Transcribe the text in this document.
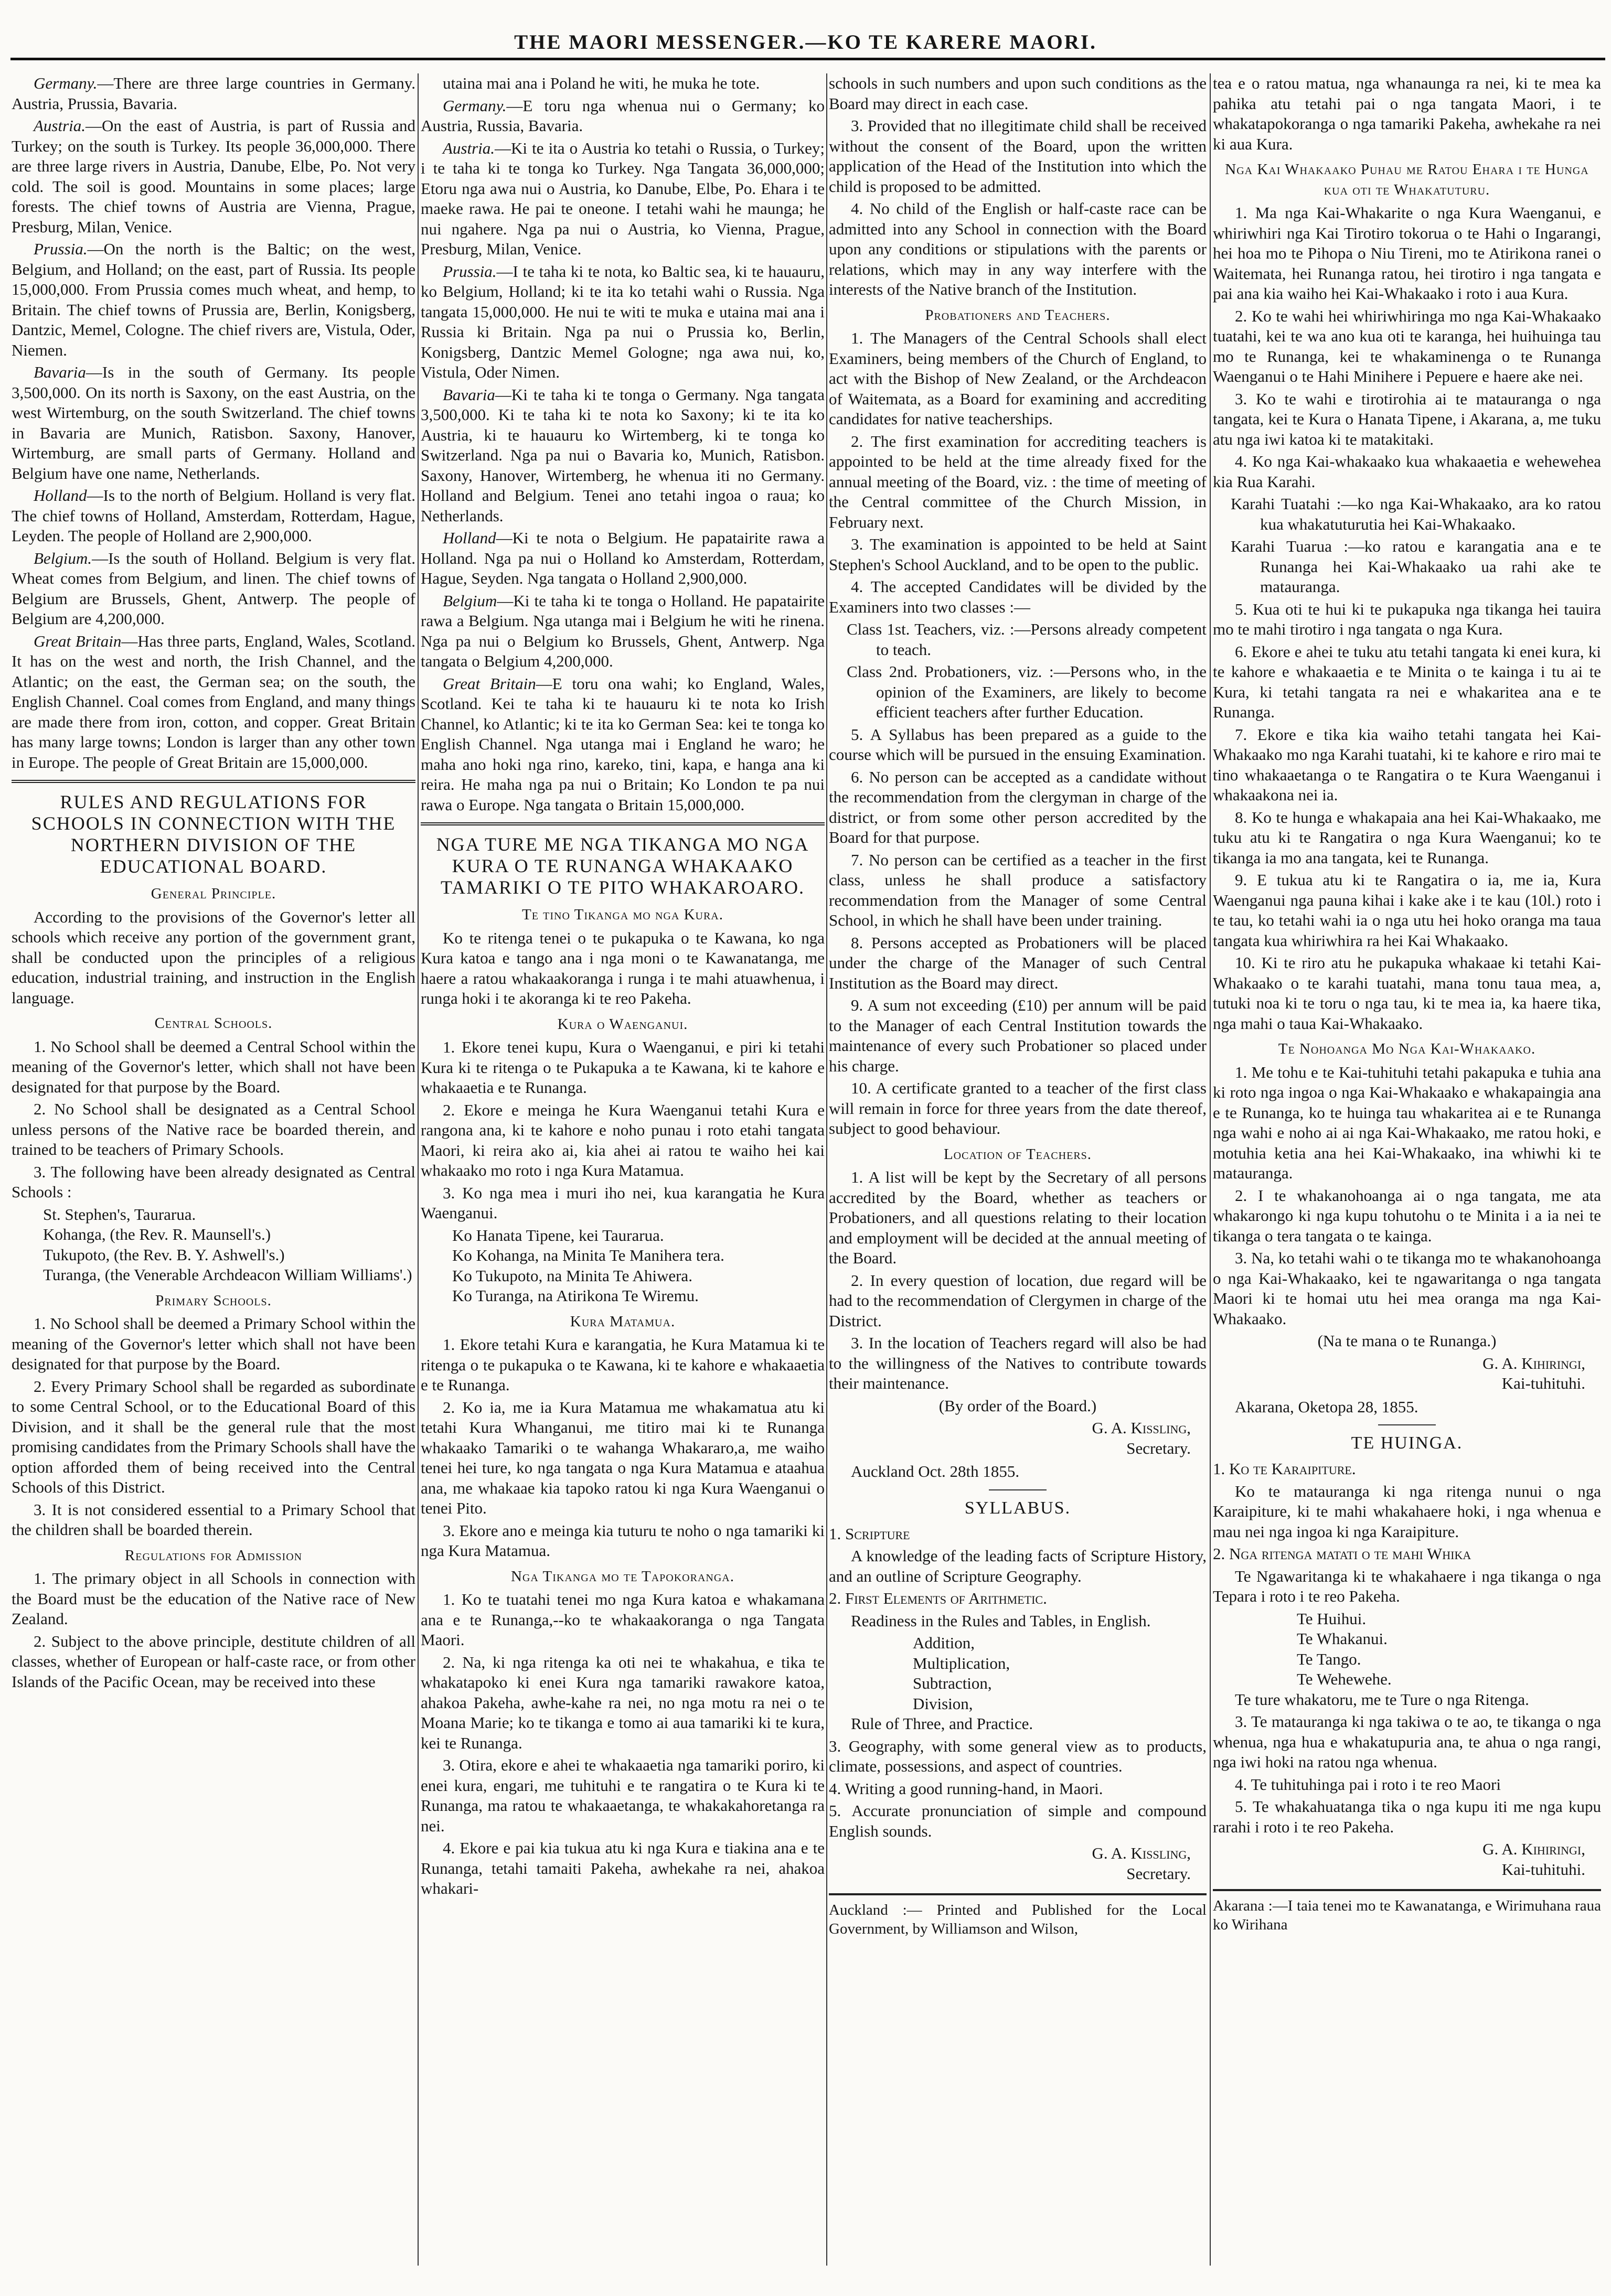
THE MAORI MESSENGER.—KO TE KARERE MAORI.

Germany.—There are three large countries in Germany. Austria, Prussia, Bavaria.

Austria.—On the east of Austria, is part of Russia and Turkey; on the south is Turkey. Its people 36,000,000. There are three large rivers in Austria, Danube, Elbe, Po. Not very cold. The soil is good. Mountains in some places; large forests. The chief towns of Austria are Vienna, Prague, Presburg, Milan, Venice.

Prussia.—On the north is the Baltic; on the west, Belgium, and Holland; on the east, part of Russia. Its people 15,000,000. From Prussia comes much wheat, and hemp, to Britain. The chief towns of Prussia are, Berlin, Konigsberg, Dantzic, Memel, Cologne. The chief rivers are, Vistula, Oder, Niemen.

Bavaria—Is in the south of Germany. Its people 3,500,000. On its north is Saxony, on the east Austria, on the west Wirtemburg, on the south Switzerland. The chief towns in Bavaria are Munich, Ratisbon. Saxony, Hanover, Wirtemburg, are small parts of Germany. Holland and Belgium have one name, Netherlands.

Holland—Is to the north of Belgium. Holland is very flat. The chief towns of Holland, Amsterdam, Rotterdam, Hague, Leyden. The people of Holland are 2,900,000.

Belgium.—Is the south of Holland. Belgium is very flat. Wheat comes from Belgium, and linen. The chief towns of Belgium are Brussels, Ghent, Antwerp. The people of Belgium are 4,200,000.

Great Britain—Has three parts, England, Wales, Scotland. It has on the west and north, the Irish Channel, and the Atlantic; on the east, the German sea; on the south, the English Channel. Coal comes from England, and many things are made there from iron, cotton, and copper. Great Britain has many large towns; London is larger than any other town in Europe. The people of Great Britain are 15,000,000.

RULES AND REGULATIONS FOR SCHOOLS IN CONNECTION WITH THE NORTHERN DIVISION OF THE EDUCATIONAL BOARD.
General Principle.

According to the provisions of the Governor's letter all schools which receive any portion of the government grant, shall be conducted upon the principles of a religious education, industrial training, and instruction in the English language.

Central Schools.

1. No School shall be deemed a Central School within the meaning of the Governor's letter, which shall not have been designated for that purpose by the Board.

2. No School shall be designated as a Central School unless persons of the Native race be boarded therein, and trained to be teachers of Primary Schools.

3. The following have been already designated as Central Schools :

St. Stephen's, Taurarua.
Kohanga, (the Rev. R. Maunsell's.)
Tukupoto, (the Rev. B. Y. Ashwell's.)
Turanga, (the Venerable Archdeacon William Williams'.)
Primary Schools.

1. No School shall be deemed a Primary School within the meaning of the Governor's letter which shall not have been designated for that purpose by the Board.

2. Every Primary School shall be regarded as subordinate to some Central School, or to the Educational Board of this Division, and it shall be the general rule that the most promising candidates from the Primary Schools shall have the option afforded them of being received into the Central Schools of this District.

3. It is not considered essential to a Primary School that the children shall be boarded therein.

Regulations for Admission

1. The primary object in all Schools in connection with the Board must be the education of the Native race of New Zealand.

2. Subject to the above principle, destitute children of all classes, whether of European or half-caste race, or from other Islands of the Pacific Ocean, may be received into these

utaina mai ana i Poland he witi, he muka he tote.

Germany.—E toru nga whenua nui o Germany; ko Austria, Russia, Bavaria.

Austria.—Ki te ita o Austria ko tetahi o Russia, o Turkey; i te taha ki te tonga ko Turkey. Nga Tangata 36,000,000; Etoru nga awa nui o Austria, ko Danube, Elbe, Po. Ehara i te maeke rawa. He pai te oneone. I tetahi wahi he maunga; he nui ngahere. Nga pa nui o Austria, ko Vienna, Prague, Presburg, Milan, Venice.

Prussia.—I te taha ki te nota, ko Baltic sea, ki te hauauru, ko Belgium, Holland; ki te ita ko tetahi wahi o Russia. Nga tangata 15,000,000. He nui te witi te muka e utaina mai ana i Russia ki Britain. Nga pa nui o Prussia ko, Berlin, Konigsberg, Dantzic Memel Gologne; nga awa nui, ko, Vistula, Oder Nimen.

Bavaria—Ki te taha ki te tonga o Germany. Nga tangata 3,500,000. Ki te taha ki te nota ko Saxony; ki te ita ko Austria, ki te hauauru ko Wirtemberg, ki te tonga ko Switzerland. Nga pa nui o Bavaria ko, Munich, Ratisbon. Saxony, Hanover, Wirtemberg, he whenua iti no Germany. Holland and Belgium. Tenei ano tetahi ingoa o raua; ko Netherlands.

Holland—Ki te nota o Belgium. He papatairite rawa a Holland. Nga pa nui o Holland ko Amsterdam, Rotterdam, Hague, Seyden. Nga tangata o Holland 2,900,000.

Belgium—Ki te taha ki te tonga o Holland. He papatairite rawa a Belgium. Nga utanga mai i Belgium he witi he rinena. Nga pa nui o Belgium ko Brussels, Ghent, Antwerp. Nga tangata o Belgium 4,200,000.

Great Britain—E toru ona wahi; ko England, Wales, Scotland. Kei te taha ki te hauauru ki te nota ko Irish Channel, ko Atlantic; ki te ita ko German Sea: kei te tonga ko English Channel. Nga utanga mai i England he waro; he maha ano hoki nga rino, kareko, tini, kapa, e hanga ana ki reira. He maha nga pa nui o Britain; Ko London te pa nui rawa o Europe. Nga tangata o Britain 15,000,000.

NGA TURE ME NGA TIKANGA MO NGA KURA O TE RUNANGA WHAKAAKO TAMARIKI O TE PITO WHAKAROARO.
Te tino Tikanga mo nga Kura.

Ko te ritenga tenei o te pukapuka o te Kawana, ko nga Kura katoa e tango ana i nga moni o te Kawanatanga, me haere a ratou whakaakoranga i runga i te mahi atuawhenua, i runga hoki i te akoranga ki te reo Pakeha.

Kura o Waenganui.

1. Ekore tenei kupu, Kura o Waenganui, e piri ki tetahi Kura ki te ritenga o te Pukapuka a te Kawana, ki te kahore e whakaaetia e te Runanga.

2. Ekore e meinga he Kura Waenganui tetahi Kura e rangona ana, ki te kahore e noho punau i roto etahi tangata Maori, ki reira ako ai, kia ahei ai ratou te waiho hei kai whakaako mo roto i nga Kura Matamua.

3. Ko nga mea i muri iho nei, kua karangatia he Kura Waenganui.

Ko Hanata Tipene, kei Taurarua.
Ko Kohanga, na Minita Te Manihera tera.
Ko Tukupoto, na Minita Te Ahiwera.
Ko Turanga, na Atirikona Te Wiremu.
Kura Matamua.

1. Ekore tetahi Kura e karangatia, he Kura Matamua ki te ritenga o te pukapuka o te Kawana, ki te kahore e whakaaetia e te Runanga.

2. Ko ia, me ia Kura Matamua me whakamatua atu ki tetahi Kura Whanganui, me titiro mai ki te Runanga whakaako Tamariki o te wahanga Whakararo,a, me waiho tenei hei ture, ko nga tangata o nga Kura Matamua e ataahua ana, me whakaae kia tapoko ratou ki nga Kura Waenganui o tenei Pito.

3. Ekore ano e meinga kia tuturu te noho o nga tamariki ki nga Kura Matamua.

Nga Tikanga mo te Tapokoranga.

1. Ko te tuatahi tenei mo nga Kura katoa e whakamana ana e te Runanga,--ko te whakaakoranga o nga Tangata Maori.

2. Na, ki nga ritenga ka oti nei te whakahua, e tika te whakatapoko ki enei Kura nga tamariki rawakore katoa, ahakoa Pakeha, awhe-kahe ra nei, no nga motu ra nei o te Moana Marie; ko te tikanga e tomo ai aua tamariki ki te kura, kei te Runanga.

3. Otira, ekore e ahei te whakaaetia nga tamariki poriro, ki enei kura, engari, me tuhituhi e te rangatira o te Kura ki te Runanga, ma ratou te whakaaetanga, te whakakahoretanga ra nei.

4. Ekore e pai kia tukua atu ki nga Kura e tiakina ana e te Runanga, tetahi tamaiti Pakeha, awhekahe ra nei, ahakoa whakari-

schools in such numbers and upon such conditions as the Board may direct in each case.

3. Provided that no illegitimate child shall be received without the consent of the Board, upon the written application of the Head of the Institution into which the child is proposed to be admitted.

4. No child of the English or half-caste race can be admitted into any School in connection with the Board upon any conditions or stipulations with the parents or relations, which may in any way interfere with the interests of the Native branch of the Institution.

Probationers and Teachers.

1. The Managers of the Central Schools shall elect Examiners, being members of the Church of England, to act with the Bishop of New Zealand, or the Archdeacon of Waitemata, as a Board for examining and accrediting candidates for native teacherships.

2. The first examination for accrediting teachers is appointed to be held at the time already fixed for the annual meeting of the Board, viz. : the time of meeting of the Central committee of the Church Mission, in February next.

3. The examination is appointed to be held at Saint Stephen's School Auckland, and to be open to the public.

4. The accepted Candidates will be divided by the Examiners into two classes :—

Class 1st. Teachers, viz. :—Persons already competent to teach.

Class 2nd. Probationers, viz. :—Persons who, in the opinion of the Examiners, are likely to become efficient teachers after further Education.

5. A Syllabus has been prepared as a guide to the course which will be pursued in the ensuing Examination.

6. No person can be accepted as a candidate without the recommendation from the clergyman in charge of the district, or from some other person accredited by the Board for that purpose.

7. No person can be certified as a teacher in the first class, unless he shall produce a satisfactory recommendation from the Manager of some Central School, in which he shall have been under training.

8. Persons accepted as Probationers will be placed under the charge of the Manager of such Central Institution as the Board may direct.

9. A sum not exceeding (£10) per annum will be paid to the Manager of each Central Institution towards the maintenance of every such Probationer so placed under his charge.

10. A certificate granted to a teacher of the first class will remain in force for three years from the date thereof, subject to good behaviour.

Location of Teachers.

1. A list will be kept by the Secretary of all persons accredited by the Board, whether as teachers or Probationers, and all questions relating to their location and employment will be decided at the annual meeting of the Board.

2. In every question of location, due regard will be had to the recommendation of Clergymen in charge of the District.

3. In the location of Teachers regard will also be had to the willingness of the Natives to contribute towards their maintenance.

(By order of the Board.)

G. A. Kissling,

Secretary.

Auckland Oct. 28th 1855.

SYLLABUS.

1. Scripture

A knowledge of the leading facts of Scripture History, and an outline of Scripture Geography.

2. First Elements of Arithmetic.

Readiness in the Rules and Tables, in English.

Addition,
Multiplication,
Subtraction,
Division,

Rule of Three, and Practice.

3. Geography, with some general view as to products, climate, possessions, and aspect of countries.

4. Writing a good running-hand, in Maori.

5. Accurate pronunciation of simple and compound English sounds.

G. A. Kissling,

Secretary.

Auckland :— Printed and Published for the Local Government, by Williamson and Wilson,

tea e o ratou matua, nga whanaunga ra nei, ki te mea ka pahika atu tetahi pai o nga tangata Maori, i te whakatapokoranga o nga tamariki Pakeha, awhekahe ra nei ki aua Kura.

Nga Kai Whakaako Puhau me Ratou Ehara i te Hunga kua oti te Whakatuturu.

1. Ma nga Kai-Whakarite o nga Kura Waenganui, e whiriwhiri nga Kai Tirotiro tokorua o te Hahi o Ingarangi, hei hoa mo te Pihopa o Niu Tireni, mo te Atirikona ranei o Waitemata, hei Runanga ratou, hei tirotiro i nga tangata e pai ana kia waiho hei Kai-Whakaako i roto i aua Kura.

2. Ko te wahi hei whiriwhiringa mo nga Kai-Whakaako tuatahi, kei te wa ano kua oti te karanga, hei huihuinga tau mo te Runanga, kei te whakaminenga o te Runanga Waenganui o te Hahi Minihere i Pepuere e haere ake nei.

3. Ko te wahi e tirotirohia ai te matauranga o nga tangata, kei te Kura o Hanata Tipene, i Akarana, a, me tuku atu nga iwi katoa ki te matakitaki.

4. Ko nga Kai-whakaako kua whakaaetia e wehewehea kia Rua Karahi.

Karahi Tuatahi :—ko nga Kai-Whakaako, ara ko ratou kua whakatuturutia hei Kai-Whakaako.

Karahi Tuarua :—ko ratou e karangatia ana e te Runanga hei Kai-Whakaako ua rahi ake te matauranga.

5. Kua oti te hui ki te pukapuka nga tikanga hei tauira mo te mahi tirotiro i nga tangata o nga Kura.

6. Ekore e ahei te tuku atu tetahi tangata ki enei kura, ki te kahore e whakaaetia e te Minita o te kainga i tu ai te Kura, ki tetahi tangata ra nei e whakaritea ana e te Runanga.

7. Ekore e tika kia waiho tetahi tangata hei Kai-Whakaako mo nga Karahi tuatahi, ki te kahore e riro mai te tino whakaaetanga o te Rangatira o te Kura Waenganui i whakaakona nei ia.

8. Ko te hunga e whakapaia ana hei Kai-Whakaako, me tuku atu ki te Rangatira o nga Kura Waenganui; ko te tikanga ia mo ana tangata, kei te Runanga.

9. E tukua atu ki te Rangatira o ia, me ia, Kura Waenganui nga pauna kihai i kake ake i te kau (10l.) roto i te tau, ko tetahi wahi ia o nga utu hei hoko oranga ma taua tangata kua whiriwhira ra hei Kai Whakaako.

10. Ki te riro atu he pukapuka whakaae ki tetahi Kai-Whakaako o te karahi tuatahi, mana tonu taua mea, a, tutuki noa ki te toru o nga tau, ki te mea ia, ka haere tika, nga mahi o taua Kai-Whakaako.

Te Nohoanga Mo Nga Kai-Whakaako.

1. Me tohu e te Kai-tuhituhi tetahi pakapuka e tuhia ana ki roto nga ingoa o nga Kai-Whakaako e whakapaingia ana e te Runanga, ko te huinga tau whakaritea ai e te Runanga nga wahi e noho ai ai nga Kai-Whakaako, me ratou hoki, e motuhia ketia ana hei Kai-Whakaako, ina whiwhi ki te matauranga.

2. I te whakanohoanga ai o nga tangata, me ata whakarongo ki nga kupu tohutohu o te Minita i a ia nei te tikanga o tera tangata o te kainga.

3. Na, ko tetahi wahi o te tikanga mo te whakanohoanga o nga Kai-Whakaako, kei te ngawaritanga o nga tangata Maori ki te homai utu hei mea oranga ma nga Kai-Whakaako.

(Na te mana o te Runanga.)

G. A. Kihiringi,

Kai-tuhituhi.

Akarana, Oketopa 28, 1855.

TE HUINGA.

1. Ko te Karaipiture.

Ko te matauranga ki nga ritenga nunui o nga Karaipiture, ki te mahi whakahaere hoki, i nga whenua e mau nei nga ingoa ki nga Karaipiture.

2. Nga ritenga matati o te mahi Whika

Te Ngawaritanga ki te whakahaere i nga tikanga o nga Tepara i roto i te reo Pakeha.

Te Huihui.
Te Whakanui.
Te Tango.
Te Wehewehe.

Te ture whakatoru, me te Ture o nga Ritenga.

3. Te matauranga ki nga takiwa o te ao, te tikanga o nga whenua, nga hua e whakatupuria ana, te ahua o nga rangi, nga iwi hoki na ratou nga whenua.

4. Te tuhituhinga pai i roto i te reo Maori

5. Te whakahuatanga tika o nga kupu iti me nga kupu rarahi i roto i te reo Pakeha.

G. A. Kihiringi,

Kai-tuhituhi.

Akarana :—I taia tenei mo te Kawanatanga, e Wirimuhana raua ko Wirihana
